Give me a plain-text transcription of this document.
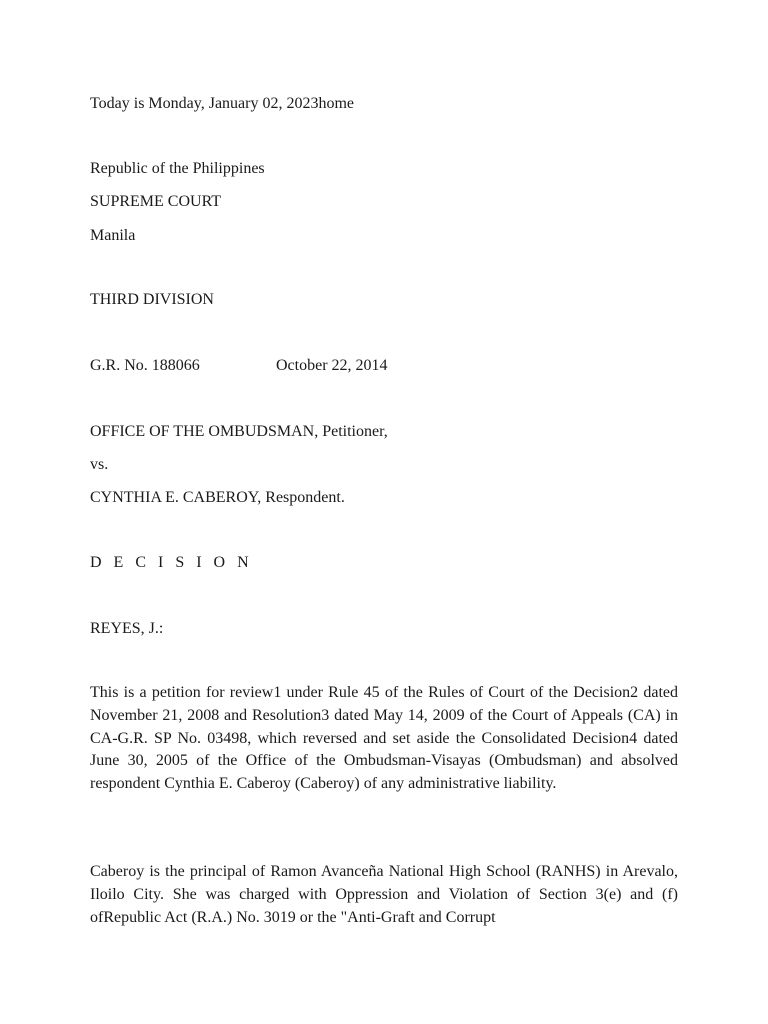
Today is Monday, January 02, 2023home
Republic of the Philippines
SUPREME COURT
Manila
THIRD DIVISION
G.R. No. 188066	October 22, 2014
OFFICE OF THE OMBUDSMAN, Petitioner,
vs.
CYNTHIA E. CABEROY, Respondent.
D E C I S I O N
REYES, J.:
This is a petition for review1 under Rule 45 of the Rules of Court of the Decision2 dated November 21, 2008 and Resolution3 dated May 14, 2009 of the Court of Appeals (CA) in CA-G.R. SP No. 03498, which reversed and set aside the Consolidated Decision4 dated June 30, 2005 of the Office of the Ombudsman-Visayas (Ombudsman) and absolved respondent Cynthia E. Caberoy (Caberoy) of any administrative liability.
Caberoy is the principal of Ramon Avanceña National High School (RANHS) in Arevalo, Iloilo City. She was charged with Oppression and Violation of Section 3(e) and (f) ofRepublic Act (R.A.) No. 3019 or the "Anti-Graft and Corrupt
